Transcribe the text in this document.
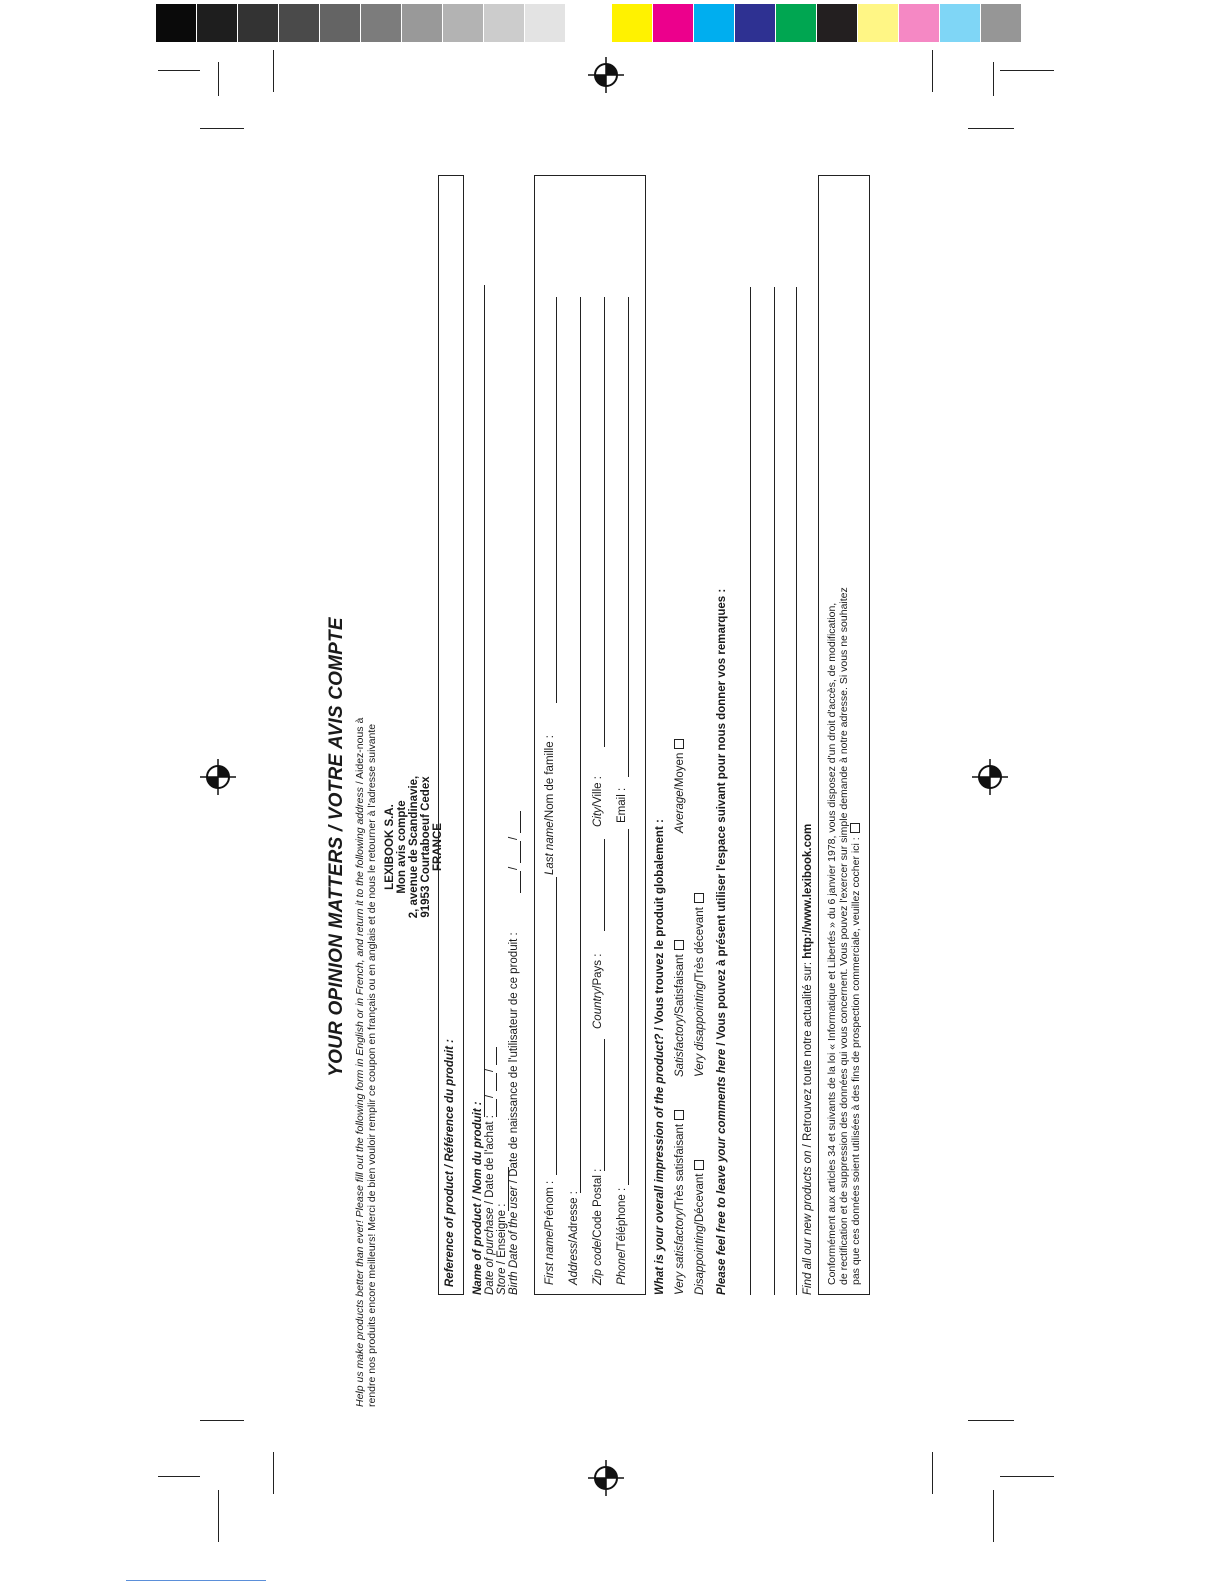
YOUR OPINION MATTERS / VOTRE AVIS COMPTE Help us make products better than ever! Please fill out the following form in English or in French, and return it to the following address / Aidez-nous à rendre nos produits encore meilleurs! Merci de bien vouloir remplir ce coupon en français ou en anglais et de nous le retourner à l'adresse suivante LEXIBOOK S.A. Mon avis compte 2, avenue de Scandinavie, 91953 Courtaboeuf Cedex FRANCE
Reference of product / Référence du produit : Name of product / Nom du produit : Date of purchase / Date de l'achat :
/
/
Store / Enseigne : Birth Date of the user / Date de naissance de l'utilisateur de ce produit :
/
/
First name/Prénom :
Last name/Nom de famille :
Address/Adresse :
Zip code/Code Postal :
Country/Pays :
City/Ville :
Phone/Téléphone :
Email :
What is your overall impression of the product? / Vous trouvez le produit globalement :
Very satisfactory/Très satisfaisant
Satisfactory/Satisfaisant
Average/Moyen
Disappointing/Décevant
Very disappointing/Très décevant
Please feel free to leave your comments here / Vous pouvez à présent utiliser l'espace suivant pour nous donner vos remarques :
Find all our new products on / Retrouvez toute notre actualité sur: http://www.lexibook.com Conformément aux articles 34 et suivants de la loi « Informatique et Libertés » du 6 janvier 1978, vous disposez d'un droit d'accès, de modification, de rectification et de suppression des données qui vous concernent. Vous pouvez l'exercer sur simple demande à notre adresse. Si vous ne souhaitez pas que ces données soient utilisées à des fins de prospection commerciale, veuillez cocher ici :
